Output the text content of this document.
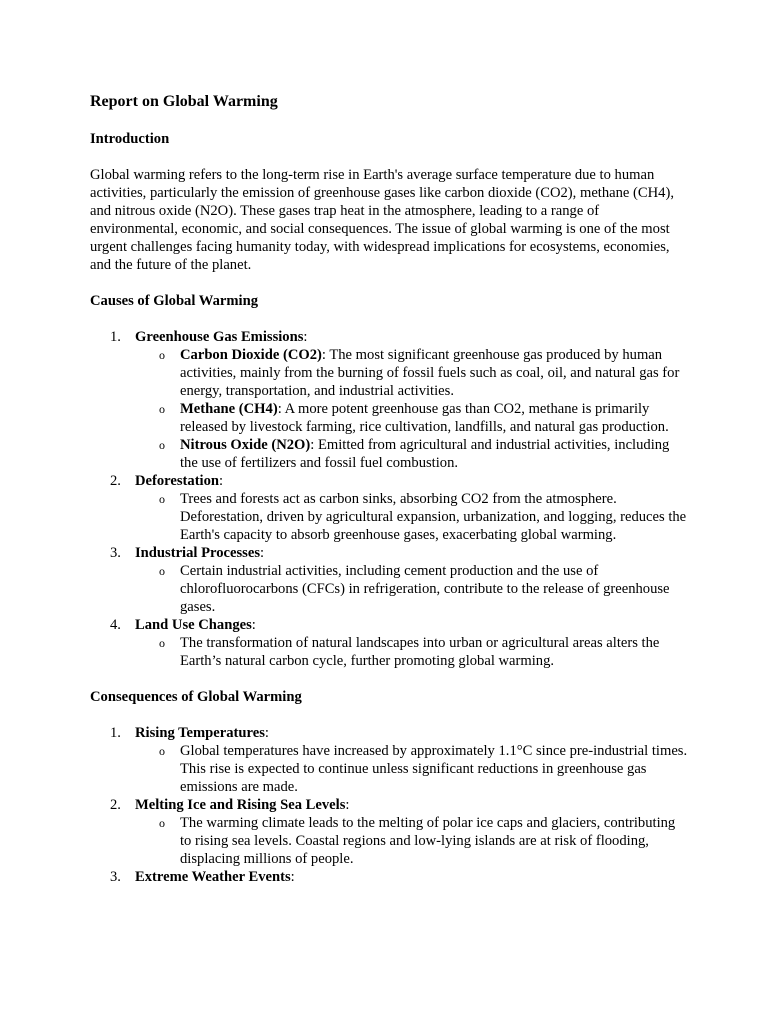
Report on Global Warming
Introduction

Global warming refers to the long-term rise in Earth's average surface temperature due to human activities, particularly the emission of greenhouse gases like carbon dioxide (CO2), methane (CH4), and nitrous oxide (N2O). These gases trap heat in the atmosphere, leading to a range of environmental, economic, and social consequences. The issue of global warming is one of the most urgent challenges facing humanity today, with widespread implications for ecosystems, economies, and the future of the planet.

Causes of Global Warming
1. Greenhouse Gas Emissions:
o Carbon Dioxide (CO2): The most significant greenhouse gas produced by human activities, mainly from the burning of fossil fuels such as coal, oil, and natural gas for energy, transportation, and industrial activities.
o Methane (CH4): A more potent greenhouse gas than CO2, methane is primarily released by livestock farming, rice cultivation, landfills, and natural gas production.
o Nitrous Oxide (N2O): Emitted from agricultural and industrial activities, including the use of fertilizers and fossil fuel combustion.
2. Deforestation:
o Trees and forests act as carbon sinks, absorbing CO2 from the atmosphere. Deforestation, driven by agricultural expansion, urbanization, and logging, reduces the Earth's capacity to absorb greenhouse gases, exacerbating global warming.
3. Industrial Processes:
o Certain industrial activities, including cement production and the use of chlorofluorocarbons (CFCs) in refrigeration, contribute to the release of greenhouse gases.
4. Land Use Changes:
o The transformation of natural landscapes into urban or agricultural areas alters the Earth’s natural carbon cycle, further promoting global warming.
Consequences of Global Warming
1. Rising Temperatures:
o Global temperatures have increased by approximately 1.1°C since pre-industrial times. This rise is expected to continue unless significant reductions in greenhouse gas emissions are made.
2. Melting Ice and Rising Sea Levels:
o The warming climate leads to the melting of polar ice caps and glaciers, contributing to rising sea levels. Coastal regions and low-lying islands are at risk of flooding, displacing millions of people.
3. Extreme Weather Events:
